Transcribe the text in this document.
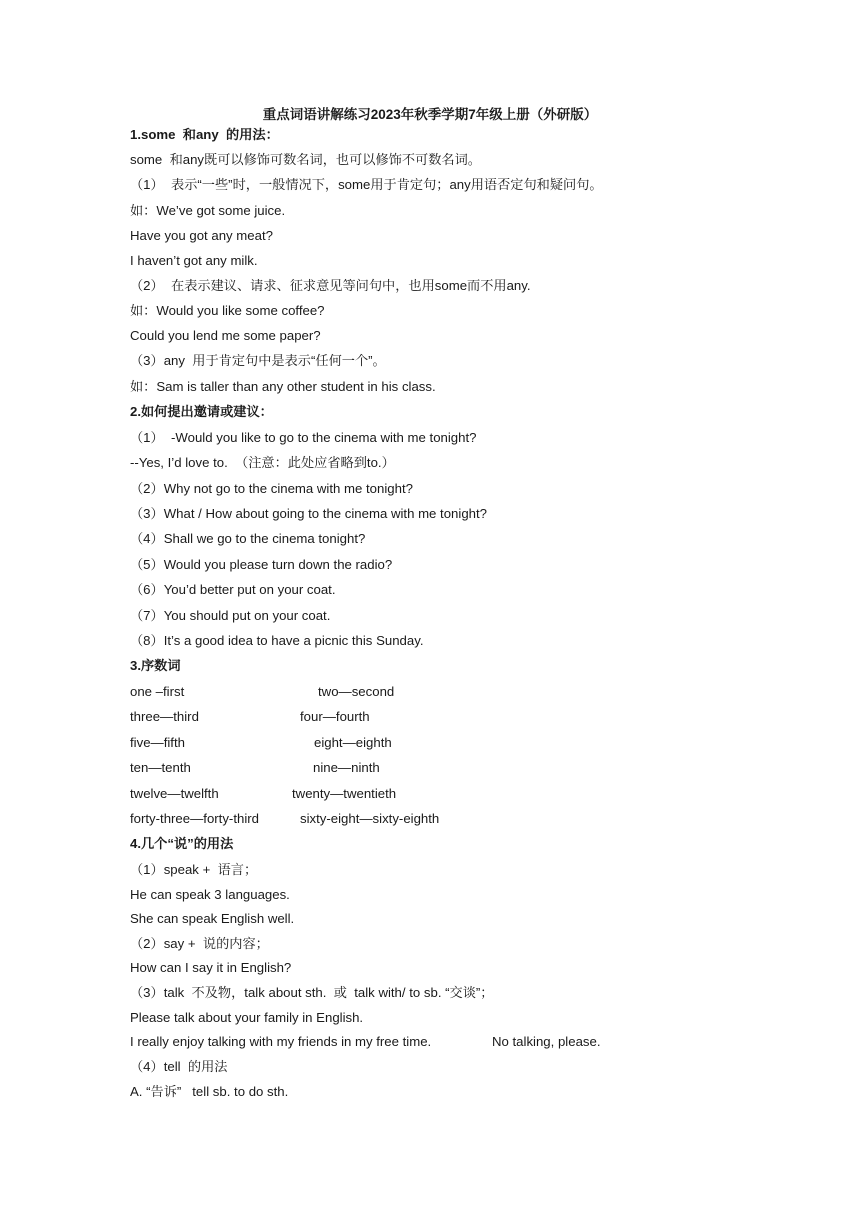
重点词语讲解练习2023年秋季学期7年级上册（外研版）
1.some  和any  的用法：
some  和any既可以修饰可数名词，也可以修饰不可数名词。
（1）  表示“一些”时，一般情况下，some用于肯定句；any用语否定句和疑问句。
如：We’ve got some juice.
Have you got any meat?
I haven’t got any milk.
（2）  在表示建议、请求、征求意见等问句中，也用some而不用any.
如：Would you like some coffee?
Could you lend me some paper?
（3）any  用于肯定句中是表示“任何一个”。
如：Sam is taller than any other student in his class.
2.如何提出邀请或建议：
（1）  -Would you like to go to the cinema with me tonight?
--Yes, I’d love to.  （注意：此处应省略到to.）
（2）Why not go to the cinema with me tonight?
（3）What / How about going to the cinema with me tonight?
（4）Shall we go to the cinema tonight?
（5）Would you please turn down the radio?
（6）You’d better put on your coat.
（7）You should put on your coat.
（8）It’s a good idea to have a picnic this Sunday.
3.序数词
one –first	two—second
three—third	four—fourth
five—fifth	eight—eighth
ten—tenth	nine—ninth
twelve—twelfth	twenty—twentieth
forty-three—forty-third	sixty-eight—sixty-eighth
4.几个“说”的用法
（1）speak +  语言；
He can speak 3 languages.
She can speak English well.
（2）say +  说的内容；
How can I say it in English?
（3）talk  不及物，talk about sth.  或  talk with/ to sb. “交谈”；
Please talk about your family in English.
I really enjoy talking with my friends in my free time.	No talking, please.
（4）tell  的用法
A. “告诉”   tell sb. to do sth.
